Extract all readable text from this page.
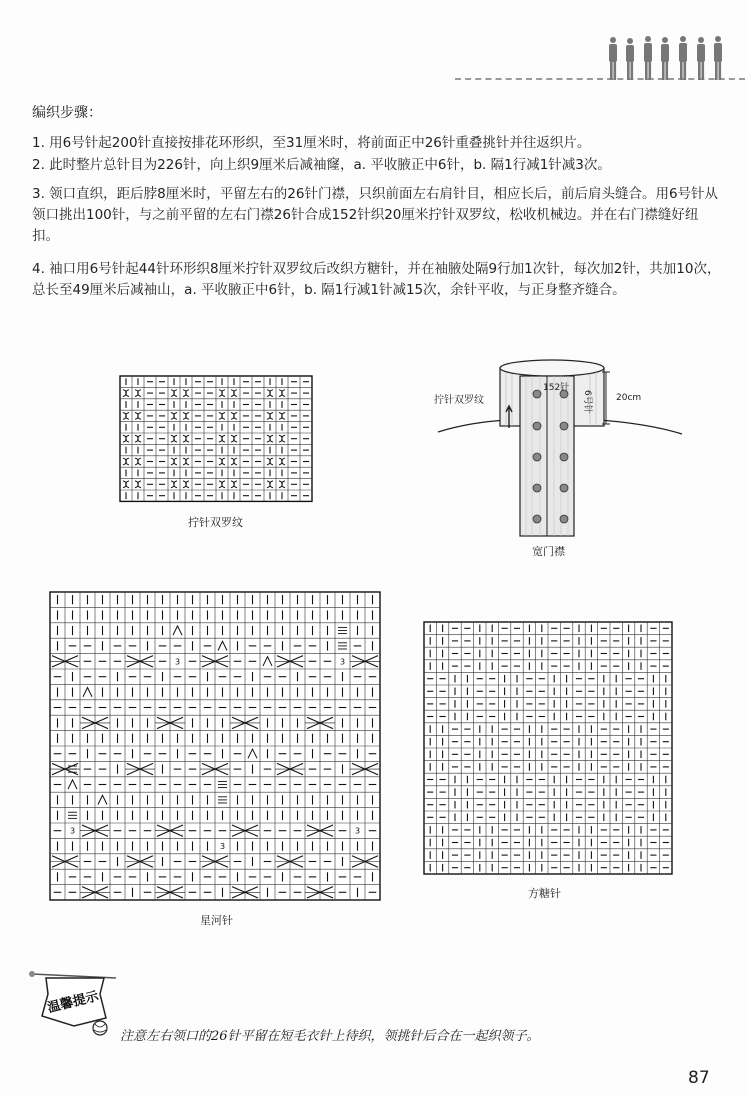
编织步骤：
1. 用6号针起200针直接按排花环形织，至31厘米时，将前面正中26针重叠挑针并往返织片。
2. 此时整片总针目为226针，向上织9厘米后减袖窿，a. 平收腋正中6针，b. 隔1行减1针减3次。
3. 领口直织，距后脖8厘米时，平留左右的26针门襟，只织前面左右肩针目，相应长后，前后肩头缝合。用6号针从领口挑出100针，与之前平留的左右门襟26针合成152针织20厘米拧针双罗纹，松收机械边。并在右门襟缝好纽扣。
4. 袖口用6号针起44针环形织8厘米拧针双罗纹后改织方糖针，并在袖腋处隔9行加1次针，每次加2针，共加10次，总长至49厘米后减袖山，a. 平收腋正中6针，b. 隔1行减1针减15次，余针平收，与正身整齐缝合。
拧针双罗纹
拧针双罗纹
152针
6号针	20cm
宽门襟
3	3
3	3
3
星河针
方糖针
温馨提示
注意左右领口的26针平留在短毛衣针上待织，领挑针后合在一起织领子。
87
